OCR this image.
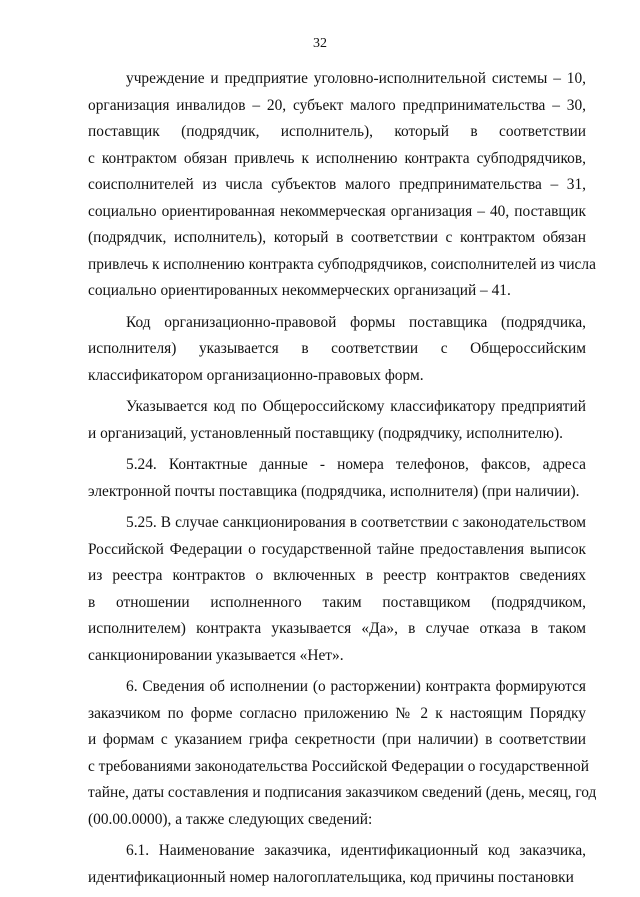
32
учреждение и предприятие уголовно-исполнительной системы – 10,
организация инвалидов – 20, субъект малого предпринимательства – 30,
поставщик (подрядчик, исполнитель), который в соответствии
с контрактом обязан привлечь к исполнению контракта субподрядчиков,
соисполнителей из числа субъектов малого предпринимательства – 31,
социально ориентированная некоммерческая организация – 40, поставщик
(подрядчик, исполнитель), который в соответствии с контрактом обязан
привлечь к исполнению контракта субподрядчиков, соисполнителей из числа
социально ориентированных некоммерческих организаций – 41.
Код организационно-правовой формы поставщика (подрядчика,
исполнителя) указывается в соответствии с Общероссийским
классификатором организационно-правовых форм.
Указывается код по Общероссийскому классификатору предприятий
и организаций, установленный поставщику (подрядчику, исполнителю).
5.24. Контактные данные - номера телефонов, факсов, адреса
электронной почты поставщика (подрядчика, исполнителя) (при наличии).
5.25. В случае санкционирования в соответствии с законодательством
Российской Федерации о государственной тайне предоставления выписок
из реестра контрактов о включенных в реестр контрактов сведениях
в отношении исполненного таким поставщиком (подрядчиком,
исполнителем) контракта указывается «Да», в случае отказа в таком
санкционировании указывается «Нет».
6. Сведения об исполнении (о расторжении) контракта формируются
заказчиком по форме согласно приложению № 2 к настоящим Порядку
и формам с указанием грифа секретности (при наличии) в соответствии
с требованиями законодательства Российской Федерации о государственной
тайне, даты составления и подписания заказчиком сведений (день, месяц, год
(00.00.0000), а также следующих сведений:
6.1. Наименование заказчика, идентификационный код заказчика,
идентификационный номер налогоплательщика, код причины постановки
